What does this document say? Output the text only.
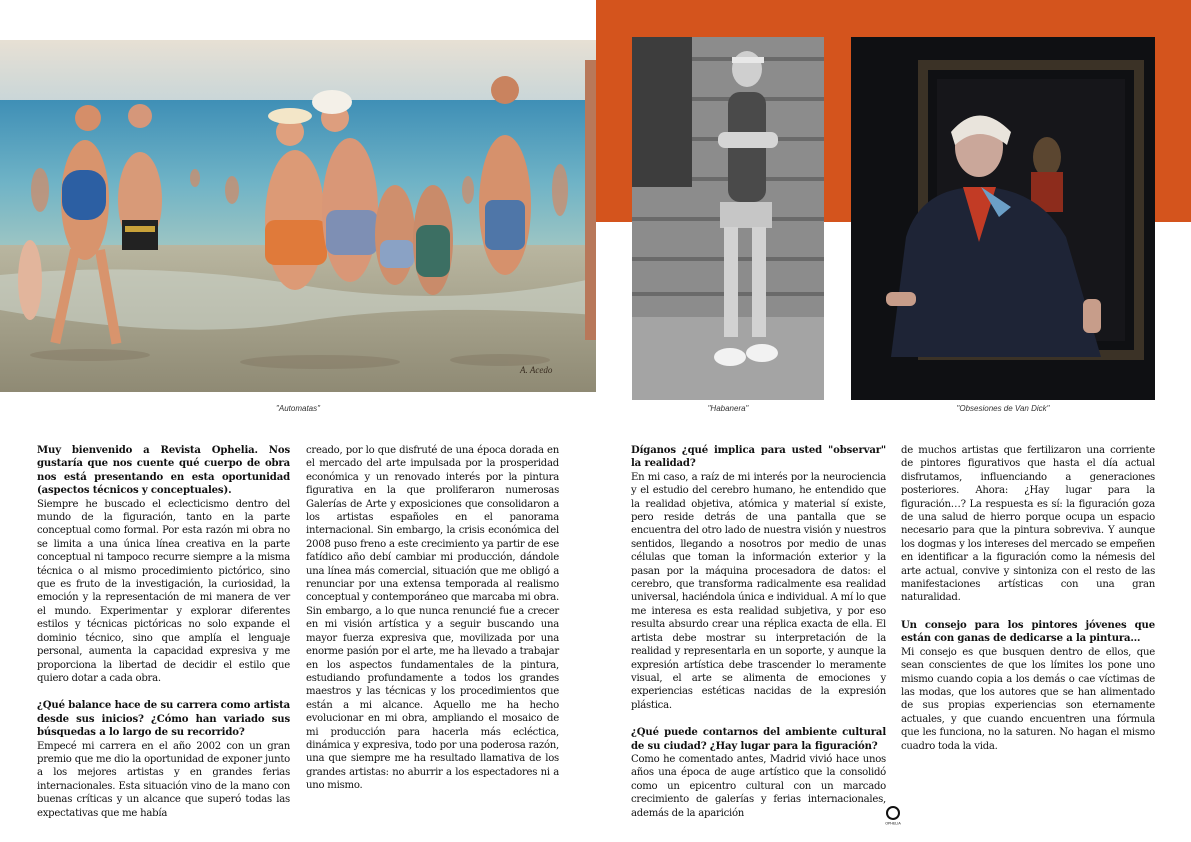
A. Acedo
"Automatas"	"Habanera"	"Obsesiones de Van Dick"

Muy bienvenido a Revista Ophelia. Nos gustaría que nos cuente qué cuerpo de obra nos está presentando en esta oportunidad (aspectos técnicos y conceptuales).

Siempre he buscado el eclecticismo dentro del mundo de la figuración, tanto en la parte conceptual como formal. Por esta razón mi obra no se limita a una única línea creativa en la parte conceptual ni tampoco recurre siempre a la misma técnica o al mismo procedimiento pictórico, sino que es fruto de la investigación, la curiosidad, la emoción y la representación de mi manera de ver el mundo. Experimentar y explorar diferentes estilos y técnicas pictóricas no solo expande el dominio técnico, sino que amplía el lenguaje personal, aumenta la capacidad expresiva y me proporciona la libertad de decidir el estilo que quiero dotar a cada obra.

¿Qué balance hace de su carrera como artista desde sus inicios? ¿Cómo han variado sus búsquedas a lo largo de su recorrido?

Empecé mi carrera en el año 2002 con un gran premio que me dio la oportunidad de exponer junto a los mejores artistas y en grandes ferias internacionales. Esta situación vino de la mano con buenas críticas y un alcance que superó todas las expectativas que me había

creado, por lo que disfruté de una época dorada en el mercado del arte impulsada por la prosperidad económica y un renovado interés por la pintura figurativa en la que proliferaron numerosas Galerías de Arte y exposiciones que consolidaron a los artistas españoles en el panorama internacional. Sin embargo, la crisis económica del 2008 puso freno a este crecimiento ya partir de ese fatídico año debí cambiar mi producción, dándole una línea más comercial, situación que me obligó a renunciar por una extensa temporada al realismo conceptual y contemporáneo que marcaba mi obra. Sin embargo, a lo que nunca renuncié fue a crecer en mi visión artística y a seguir buscando una mayor fuerza expresiva que, movilizada por una enorme pasión por el arte, me ha llevado a trabajar en los aspectos fundamentales de la pintura, estudiando profundamente a todos los grandes maestros y las técnicas y los procedimientos que están a mi alcance. Aquello me ha hecho evolucionar en mi obra, ampliando el mosaico de mi producción para hacerla más ecléctica, dinámica y expresiva, todo por una poderosa razón, una que siempre me ha resultado llamativa de los grandes artistas: no aburrir a los espectadores ni a uno mismo.

Díganos ¿qué implica para usted "observar" la realidad?

En mi caso, a raíz de mi interés por la neurociencia y el estudio del cerebro humano, he entendido que la realidad objetiva, atómica y material sí existe, pero reside detrás de una pantalla que se encuentra del otro lado de nuestra visión y nuestros sentidos, llegando a nosotros por medio de unas células que toman la información exterior y la pasan por la máquina procesadora de datos: el cerebro, que transforma radicalmente esa realidad universal, haciéndola única e individual. A mí lo que me interesa es esta realidad subjetiva, y por eso resulta absurdo crear una réplica exacta de ella. El artista debe mostrar su interpretación de la realidad y representarla en un soporte, y aunque la expresión artística debe trascender lo meramente visual, el arte se alimenta de emociones y experiencias estéticas nacidas de la expresión plástica.

¿Qué puede contarnos del ambiente cultural de su ciudad? ¿Hay lugar para la figuración?

Como he comentado antes, Madrid vivió hace unos años una época de auge artístico que la consolidó como un epicentro cultural con un marcado crecimiento de galerías y ferias internacionales, además de la aparición

de muchos artistas que fertilizaron una corriente de pintores figurativos que hasta el día actual disfrutamos, influenciando a generaciones posteriores. Ahora: ¿Hay lugar para la figuración…? La respuesta es sí: la figuración goza de una salud de hierro porque ocupa un espacio necesario para que la pintura sobreviva. Y aunque los dogmas y los intereses del mercado se empeñen en identificar a la figuración como la némesis del arte actual, convive y sintoniza con el resto de las manifestaciones artísticas con una gran naturalidad.

Un consejo para los pintores jóvenes que están con ganas de dedicarse a la pintura…

Mi consejo es que busquen dentro de ellos, que sean conscientes de que los límites los pone uno mismo cuando copia a los demás o cae víctimas de las modas, que los autores que se han alimentado de sus propias experiencias son eternamente actuales, y que cuando encuentren una fórmula que les funciona, no la saturen. No hagan el mismo cuadro toda la vida.

OPHELIA
